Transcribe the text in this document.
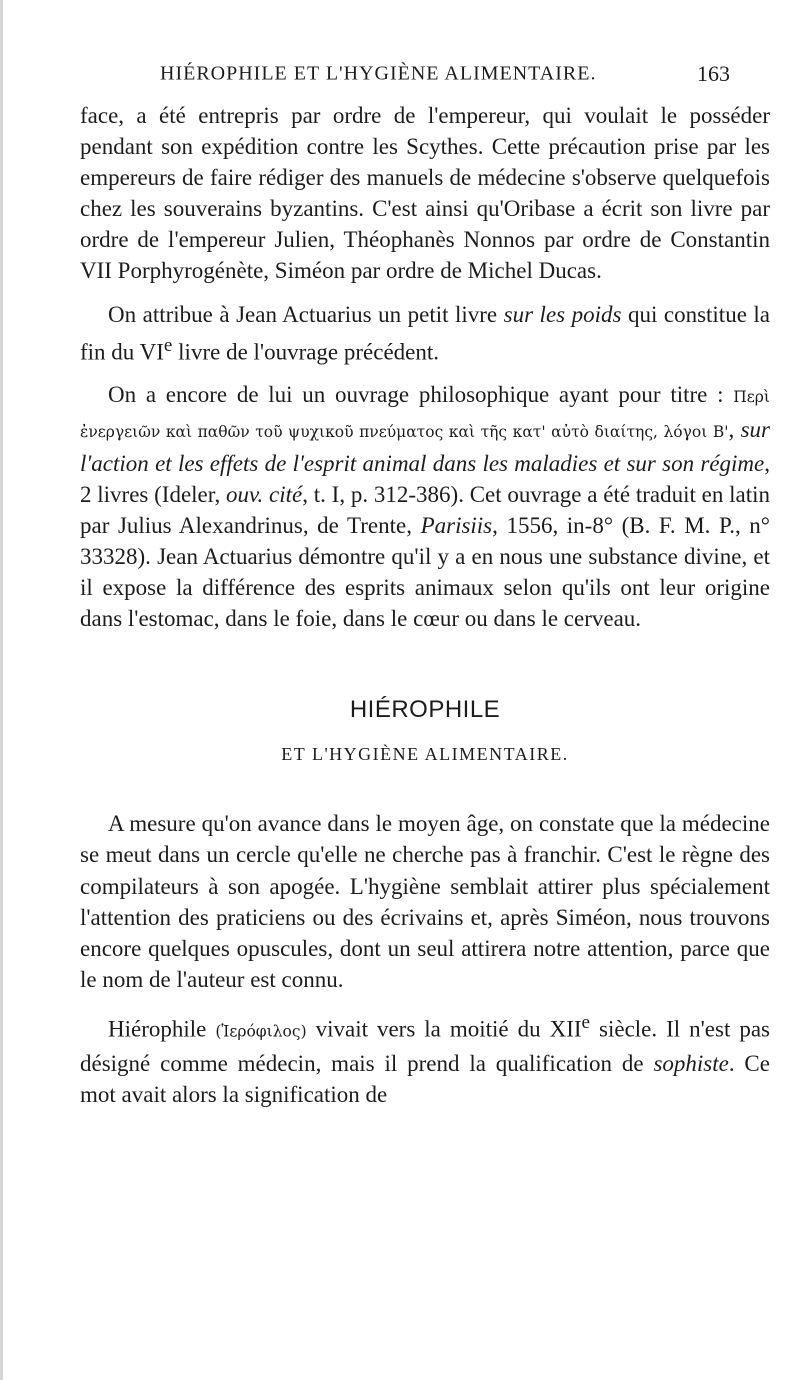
HIÉROPHILE ET L'HYGIÈNE ALIMENTAIRE.	163

face, a été entrepris par ordre de l'empereur, qui voulait le posséder pendant son expédition contre les Scythes. Cette précaution prise par les empereurs de faire rédiger des manuels de médecine s'observe quelquefois chez les souverains byzantins. C'est ainsi qu'Oribase a écrit son livre par ordre de l'empereur Julien, Théophanès Nonnos par ordre de Constantin VII Porphyrogénète, Siméon par ordre de Michel Ducas.

On attribue à Jean Actuarius un petit livre sur les poids qui constitue la fin du VIe livre de l'ouvrage précédent.

On a encore de lui un ouvrage philosophique ayant pour titre : Περὶ ἐνεργειῶν καὶ παθῶν τοῦ ψυχικοῦ πνεύματος καὶ τῆς κατ' αὐτὸ διαίτης, λόγοι Β', sur l'action et les effets de l'esprit animal dans les maladies et sur son régime, 2 livres (Ideler, ouv. cité, t. I, p. 312-386). Cet ouvrage a été traduit en latin par Julius Alexandrinus, de Trente, Parisiis, 1556, in-8° (B. F. M. P., n° 33328). Jean Actuarius démontre qu'il y a en nous une substance divine, et il expose la différence des esprits animaux selon qu'ils ont leur origine dans l'estomac, dans le foie, dans le cœur ou dans le cerveau.

HIÉROPHILE

ET L'HYGIÈNE ALIMENTAIRE.

A mesure qu'on avance dans le moyen âge, on constate que la médecine se meut dans un cercle qu'elle ne cherche pas à franchir. C'est le règne des compilateurs à son apogée. L'hygiène semblait attirer plus spécialement l'attention des praticiens ou des écrivains et, après Siméon, nous trouvons encore quelques opuscules, dont un seul attirera notre attention, parce que le nom de l'auteur est connu.

Hiérophile (Ἱερόφιλος) vivait vers la moitié du XIIe siècle. Il n'est pas désigné comme médecin, mais il prend la qualification de sophiste. Ce mot avait alors la signification de
